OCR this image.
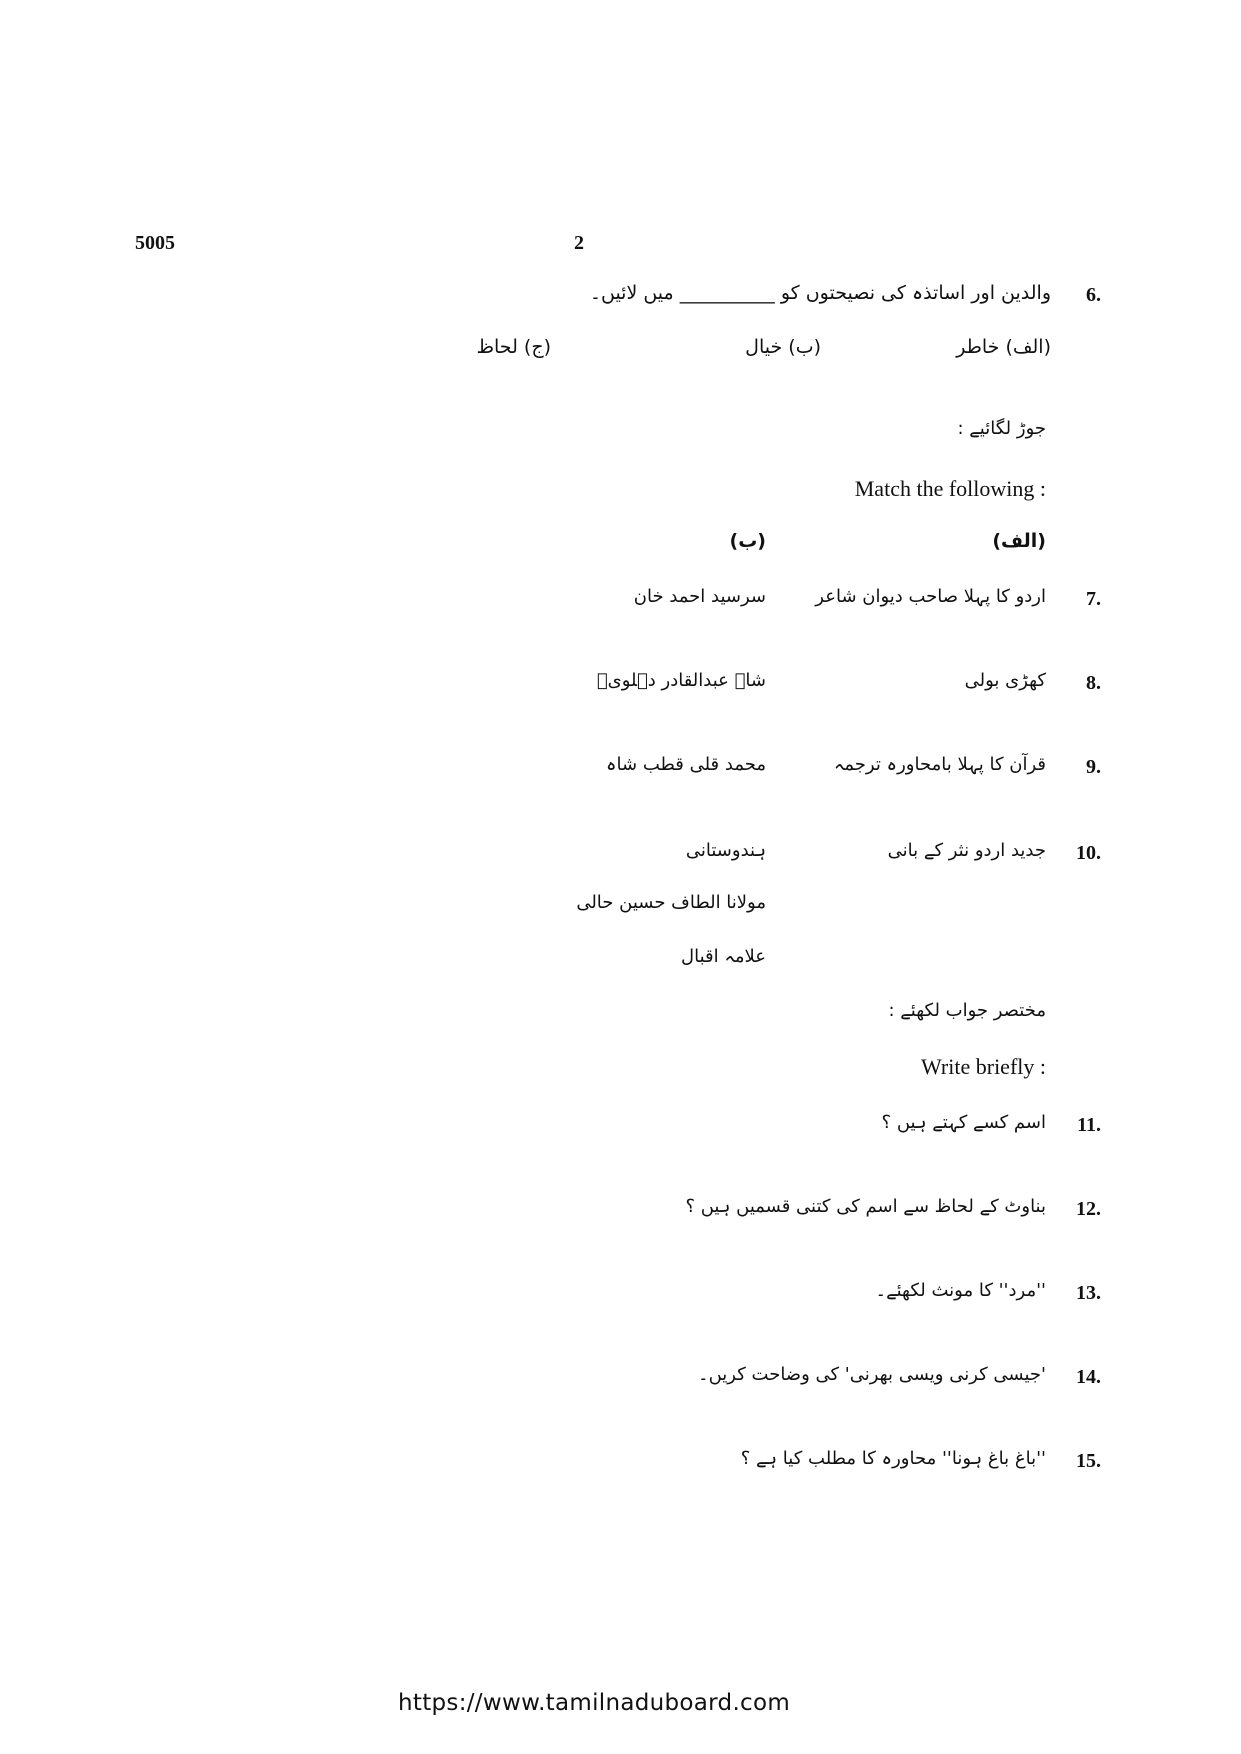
5005	2
6.
والدین اور اساتذہ کی نصیحتوں کو __________ میں لائیں۔
(الف) خاطر
(ب) خیال
(ج) لحاظ
جوڑ لگائیے :
Match the following :
(الف)
(ب)
7.
اردو کا پہلا صاحب دیوان شاعر
سرسید احمد خان
8.
کھڑی بولی
شاہ عبدالقادر دہلویؒ
9.
قرآن کا پہلا بامحاورہ ترجمہ
محمد قلی قطب شاہ
10.
جدید اردو نثر کے بانی
ہندوستانی
مولانا الطاف حسین حالی
علامہ اقبال
مختصر جواب لکھئے :
Write briefly :
11.
اسم کسے کہتے ہیں ؟
12.
بناوٹ کے لحاظ سے اسم کی کتنی قسمیں ہیں ؟
13.
''مرد'' کا مونث لکھئے۔
14.
'جیسی کرنی ویسی بھرنی' کی وضاحت کریں۔
15.
''باغ باغ ہونا'' محاورہ کا مطلب کیا ہے ؟
https://www.tamilnaduboard.com
